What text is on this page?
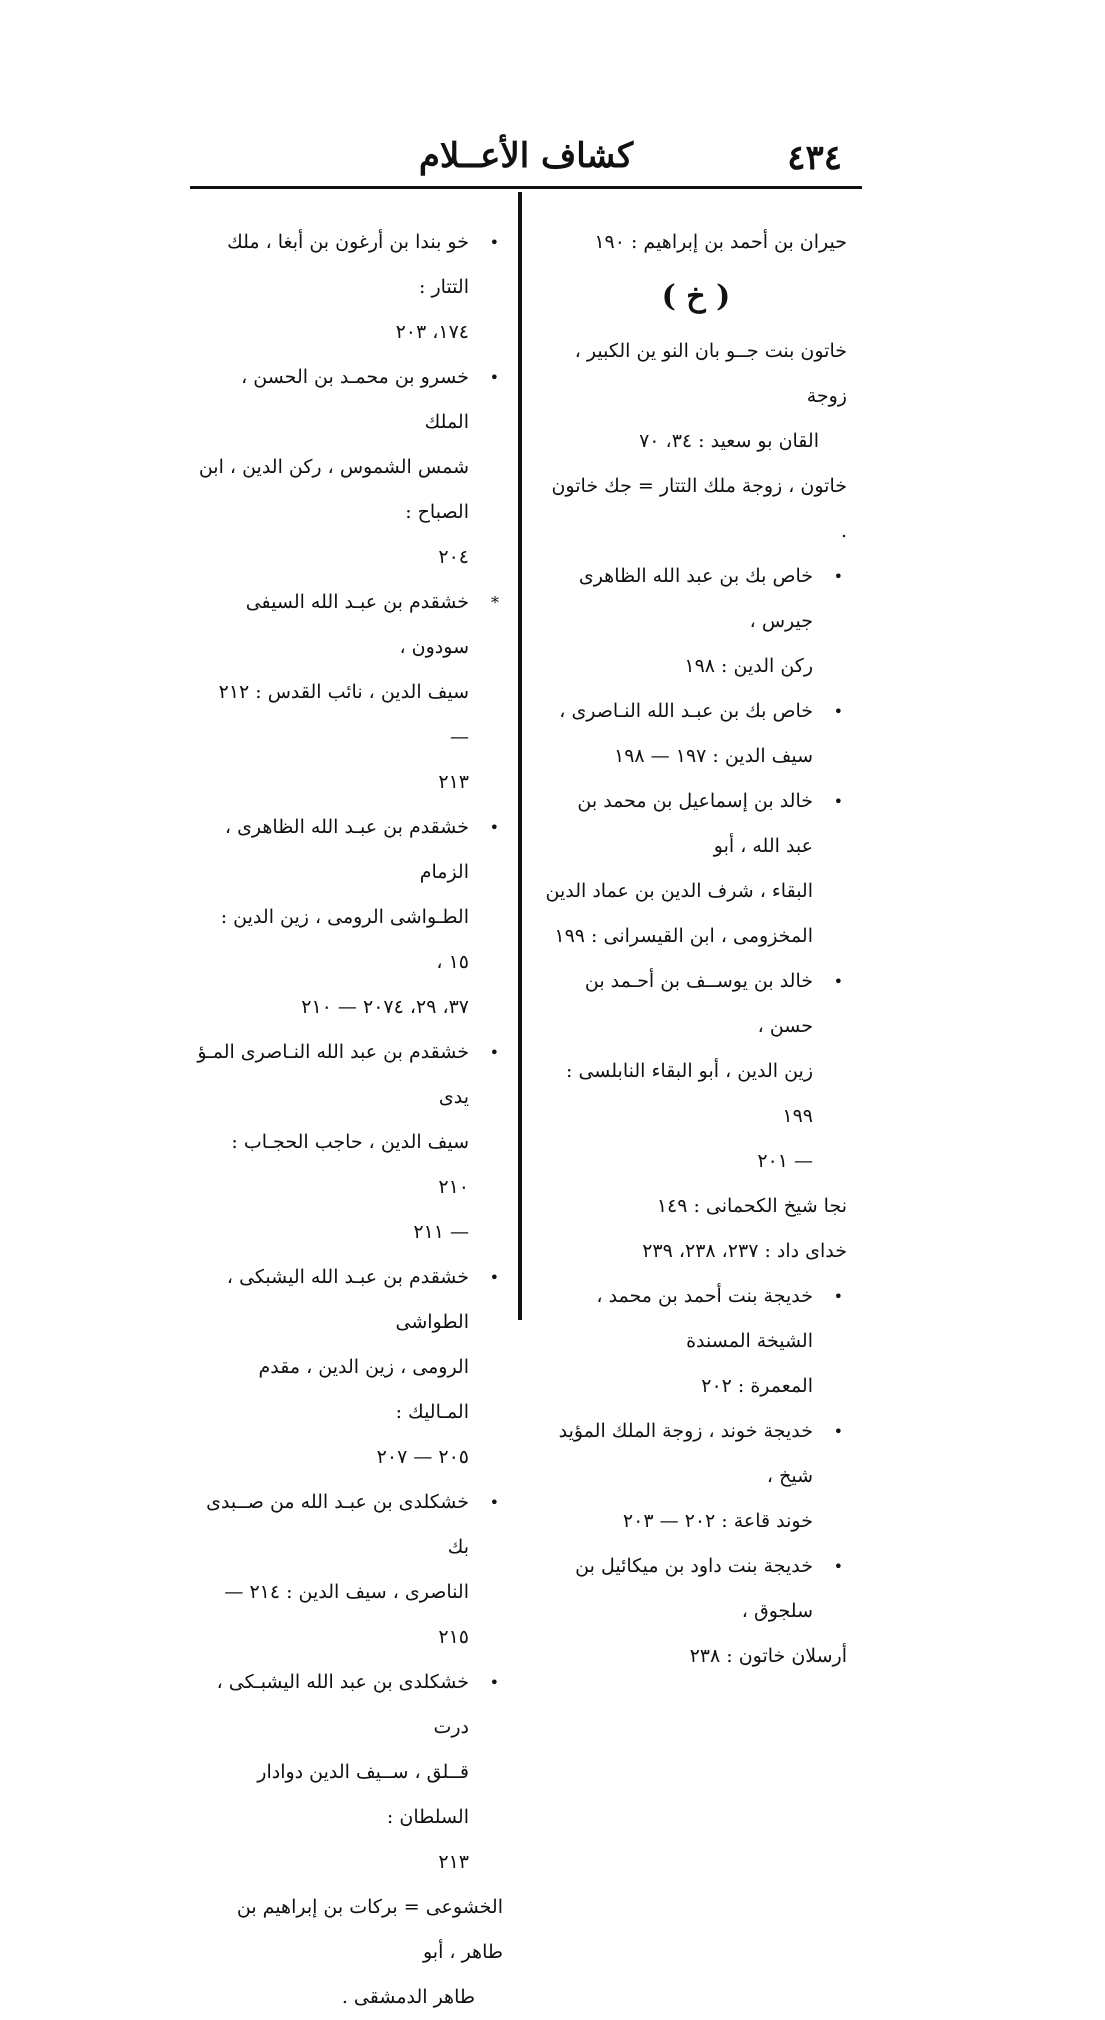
٤٣٤
كشاف الأعــلام

حيران بن أحمد بن إبراهيم : ١٩٠

( خ )

خاتون بنت جــو بان النو ين الكبير ، زوجة

القان بو سعيد : ٣٤، ٧٠

خاتون ، زوجة ملك التتار = جك خاتون .

•
خاص بك بن عبد الله الظاهرى جيرس ،

ركن الدين : ١٩٨

•
خاص بك بن عبـد الله النـاصرى ،

سيف الدين : ١٩٧ — ١٩٨

•
خالد بن إسماعيل بن محمد بن عبد الله ، أبو

البقاء ، شرف الدين بن عماد الدين

المخزومى ، ابن القيسرانى : ١٩٩

•
خالد بن يوســف بن أحـمد بن حسن ،

زين الدين ، أبو البقاء النابلسى : ١٩٩

— ٢٠١

نجا شيخ الكحمانى : ١٤٩

خداى داد : ٢٣٧، ٢٣٨، ٢٣٩

•
خديجة بنت أحمد بن محمد ، الشيخة المسندة

المعمرة : ٢٠٢

•
خديجة خوند ، زوجة الملك المؤيد شيخ ،

خوند قاعة : ٢٠٢ — ٢٠٣

•
خديجة بنت داود بن ميكائيل بن سلجوق ،

أرسلان خاتون : ٢٣٨

•
خو بندا بن أرغون بن أبغا ، ملك التتار :

١٧٤، ٢٠٣

•
خسرو بن محمـد بن الحسن ، الملك

شمس الشموس ، ركن الدين ، ابن الصباح :

٢٠٤

*
خشقدم بن عبـد الله السيفى سودون ،

سيف الدين ، نائب القدس : ٢١٢ —

٢١٣

•
خشقدم بن عبـد الله الظاهرى ، الزمام

الطـواشى الرومى ، زين الدين : ١٥ ،

٣٧، ٢٩، ٢٠٧٤ — ٢١٠

•
خشقدم بن عبد الله النـاصرى المـؤ يدى

سيف الدين ، حاجب الحجـاب : ٢١٠

— ٢١١

•
خشقدم بن عبـد الله اليشبكى ، الطواشى

الرومى ، زين الدين ، مقدم المـاليك :

٢٠٥ — ٢٠٧

•
خشكلدى بن عبـد الله من صــبدى بك

الناصرى ، سيف الدين : ٢١٤ — ٢١٥

•
خشكلدى بن عبد الله اليشبـكى ، درت

قــلق ، ســيف الدين دوادار السلطان :

٢١٣

الخشوعى = بركات بن إبراهيم بن طاهر ، أبو

طاهر الدمشقى .
